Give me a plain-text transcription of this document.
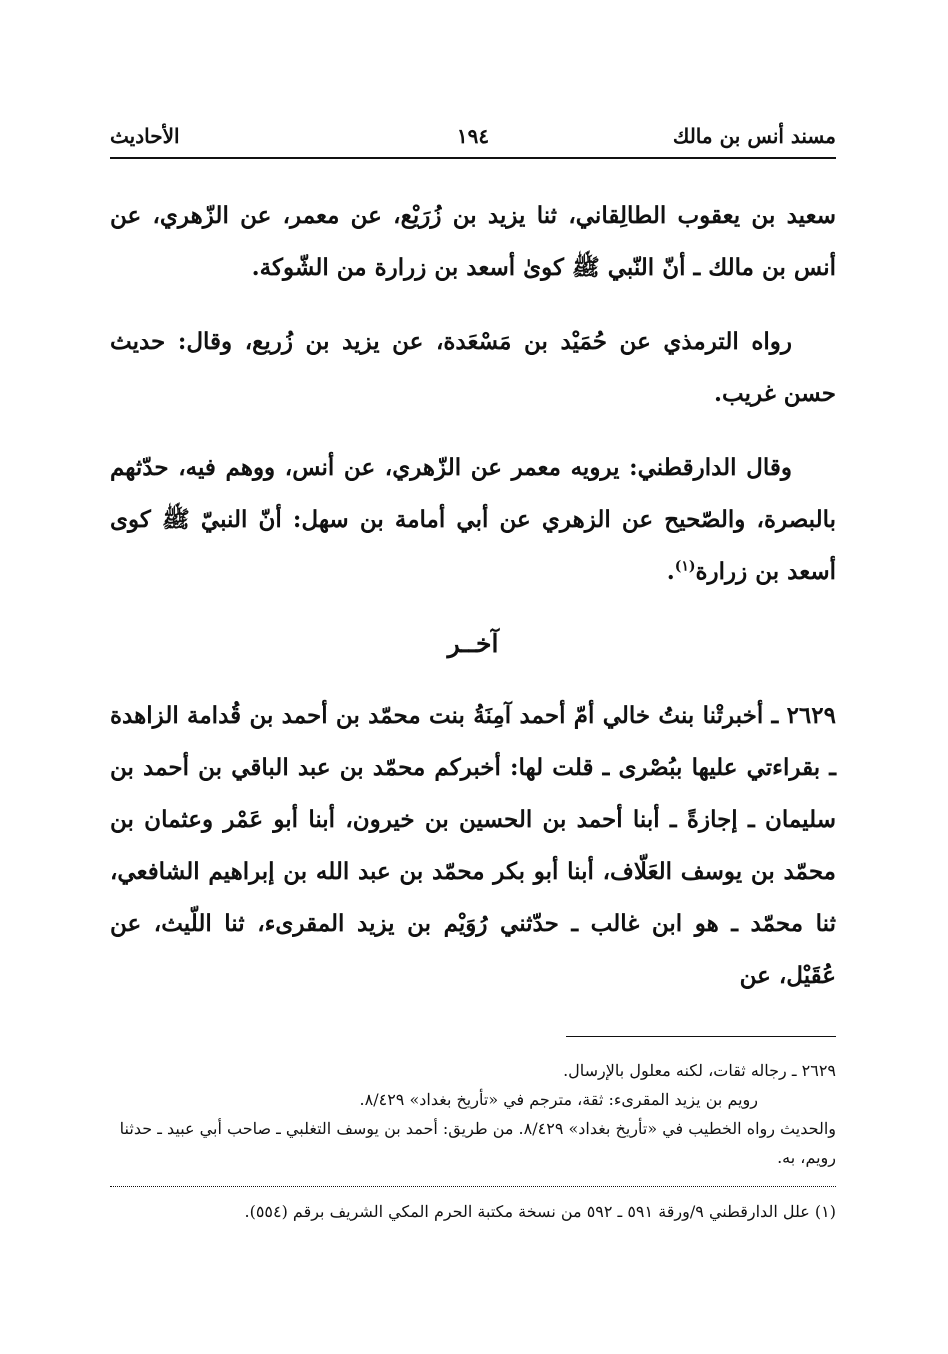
مسند أنس بن مالك
١٩٤
الأحاديث

سعيد بن يعقوب الطالِقاني، ثنا يزيد بن زُرَيْع، عن معمر، عن الزّهري، عن أنس بن مالك ـ أنّ النّبي ﷺ كوىٰ أسعد بن زرارة من الشّوكة.

رواه الترمذي عن حُمَيْد بن مَسْعَدة، عن يزيد بن زُريع، وقال: حديث حسن غريب.

وقال الدارقطني: يرويه معمر عن الزّهري، عن أنس، ووهم فيه، حدّثهم بالبصرة، والصّحيح عن الزهري عن أبي أمامة بن سهل: أنّ النبيّ ﷺ كوى أسعد بن زرارة$^{(١)}$.

آخــر

٢٦٢٩ ـ أخبرتْنا بنتُ خالي أمّ أحمد آمِنَةُ بنت محمّد بن أحمد بن قُدامة الزاهدة ـ بقراءتي عليها ببُصْرى ـ قلت لها: أخبركم محمّد بن عبد الباقي بن أحمد بن سليمان ـ إجازةً ـ أبنا أحمد بن الحسين بن خيرون، أبنا أبو عَمْر وعثمان بن محمّد بن يوسف العَلّاف، أبنا أبو بكر محمّد بن عبد الله بن إبراهيم الشافعي، ثنا محمّد ـ هو ابن غالب ـ حدّثني رُوَيْم بن يزيد المقرىء، ثنا اللّيث، عن عُقَيْل، عن

٢٦٢٩ ـ رجاله ثقات، لكنه معلول بالإرسال.

رويم بن يزيد المقرىء: ثقة، مترجم في «تأريخ بغداد» ٨/٤٢٩.

والحديث رواه الخطيب في «تأريخ بغداد» ٨/٤٢٩. من طريق: أحمد بن يوسف التغلبي ـ صاحب أبي عبيد ـ حدثنا رويم، به.

(١) علل الدارقطني ٩/ورقة ٥٩١ ـ ٥٩٢ من نسخة مكتبة الحرم المكي الشريف برقم (٥٥٤).
